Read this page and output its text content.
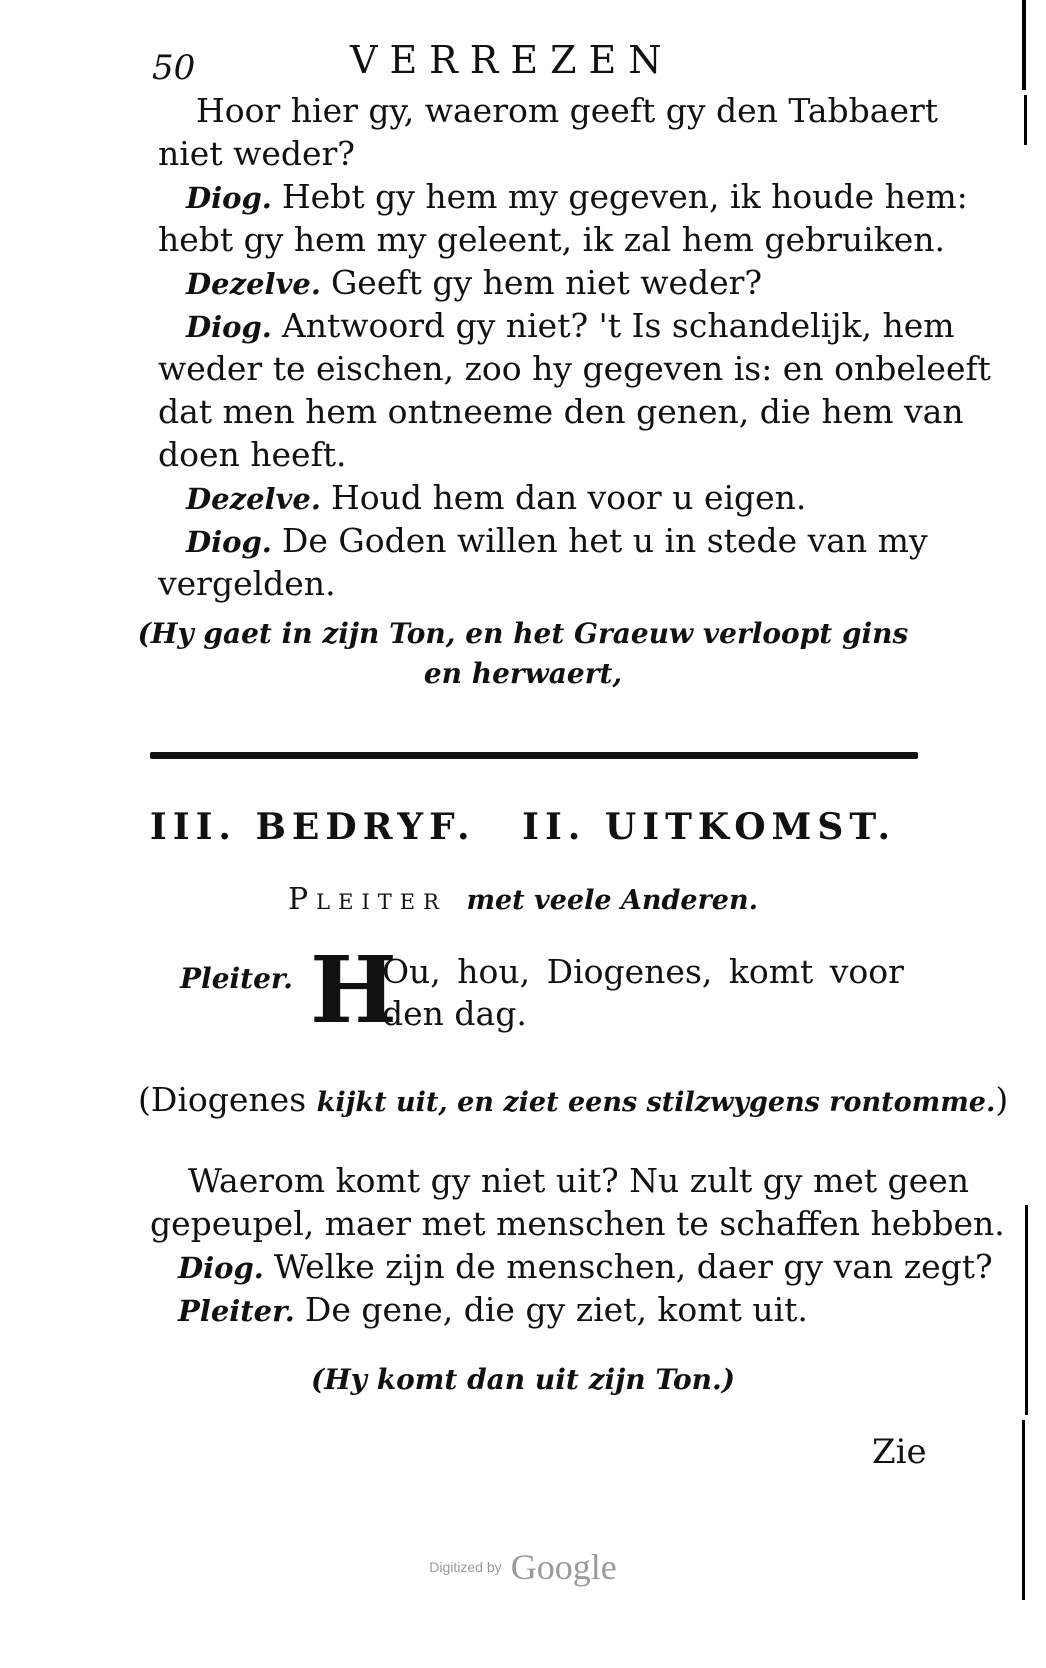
50	VERREZEN
Hoor hier gy, waerom geeft gy den Tabbaert
niet weder?
Diog. Hebt gy hem my gegeven, ik houde hem:
hebt gy hem my geleent, ik zal hem gebruiken.
Dezelve. Geeft gy hem niet weder?
Diog. Antwoord gy niet? 't Is schandelijk, hem
weder te eischen, zoo hy gegeven is: en onbeleeft
dat men hem ontneeme den genen, die hem van
doen heeft.
Dezelve. Houd hem dan voor u eigen.
Diog. De Goden willen het u in stede van my
vergelden.
(Hy gaet in zijn Ton, en het Graeuw verloopt gins
en herwaert,
III. BEDRYF. II. UITKOMST.
Pleiter met veele Anderen.
Pleiter. H
Ou, hou, Diogenes, komt voor
den dag.
(Diogenes kijkt uit, en ziet eens stilzwygens rontomme.)
Waerom komt gy niet uit? Nu zult gy met geen
gepeupel, maer met menschen te schaffen hebben.
Diog. Welke zijn de menschen, daer gy van zegt?
Pleiter. De gene, die gy ziet, komt uit.
(Hy komt dan uit zijn Ton.)
Zie
Digitized by Google
